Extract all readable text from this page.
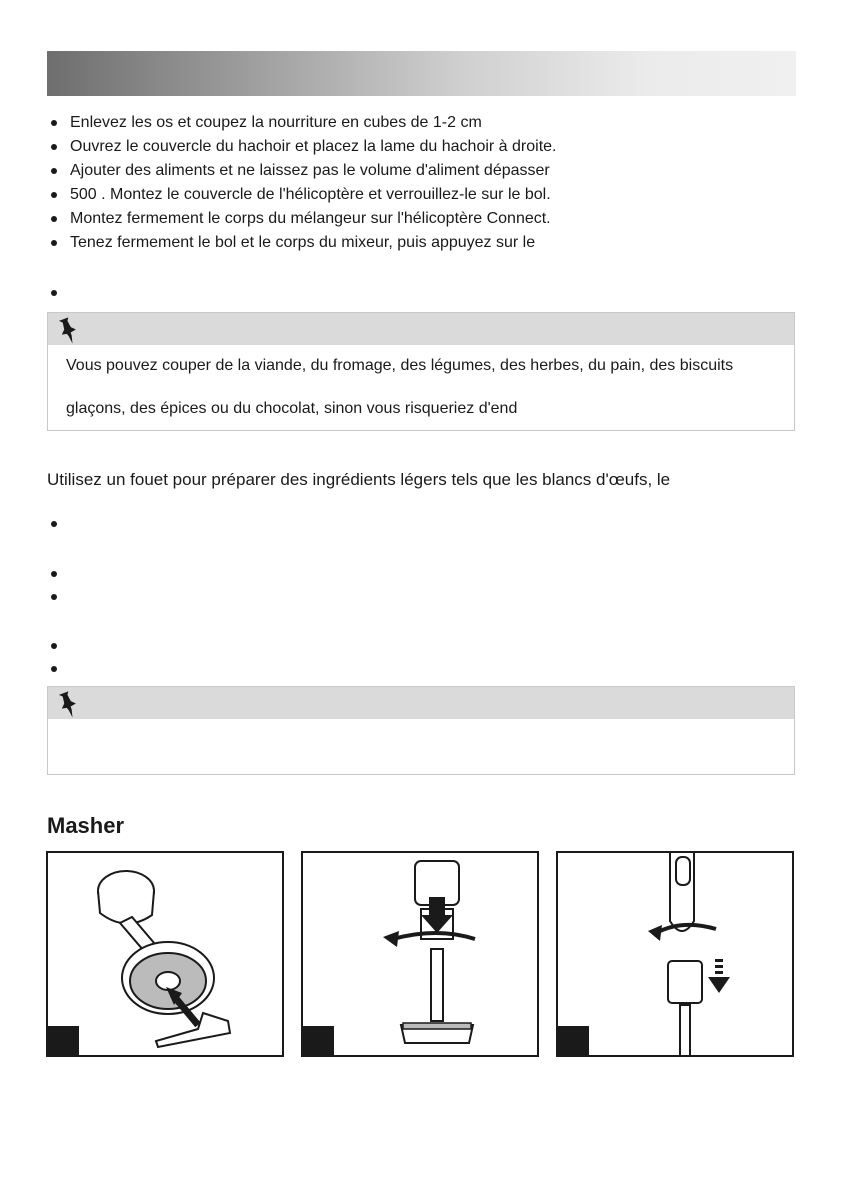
Enlevez les os et coupez la nourriture en cubes de 1-2 cm
Ouvrez le couvercle du hachoir et placez la lame du hachoir à droite.
Ajouter des aliments et ne laissez pas le volume d'aliment dépasser
500 . Montez le couvercle de l'hélicoptère et verrouillez-le sur le bol.
Montez fermement le corps du mélangeur sur l'hélicoptère Connect.
Tenez fermement le bol et le corps du mixeur, puis appuyez sur le
Vous pouvez couper de la viande, du fromage, des légumes, des herbes, du pain, des biscuits
glaçons, des épices ou du chocolat, sinon vous risqueriez d'end
Utilisez un fouet pour préparer des ingrédients légers tels que les blancs d'œufs, le
Masher
